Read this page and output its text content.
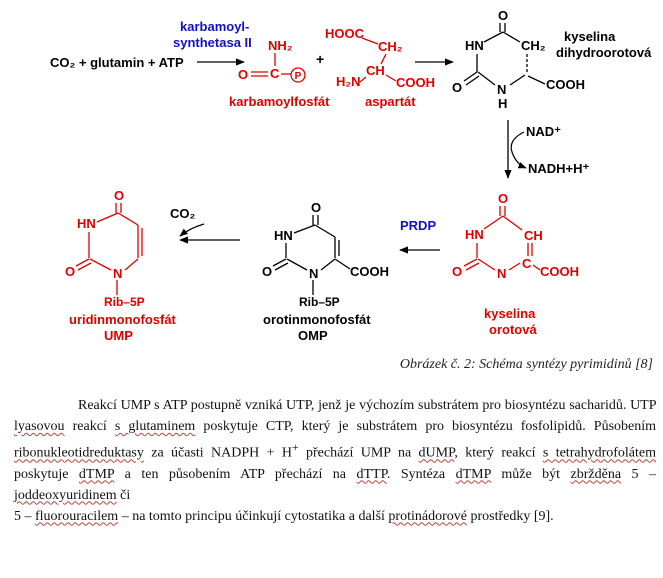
CO₂ + glutamin + ATP
karbamoyl-
synthetasa II NH₂
C
O	P
karbamoylfosfát
+
HOOC
CH₂
CH
H₂N	COOH
aspartát
O
HN	CH₂
O	N
H
COOH
kyselina
dihydroorotová
NAD⁺
NADH+H⁺
O
HN	CH
O	N
C
COOH
kyselina
orotová
PRDP
O
HN
O	N COOH
Rib–5P
orotinmonofosfát
OMP
CO₂
O
HN
O	N
Rib–5P
uridinmonofosfát
UMP
Obrázek č. 2: Schéma syntézy pyrimidinů [8]

Reakcí UMP s ATP postupně vzniká UTP, jenž je výchozím substrátem pro biosyntézu sacharidů. UTP lyasovou reakcí s glutaminem poskytuje CTP, který je substrátem pro biosyntézu fosfolipidů. Působením ribonukleotidreduktasy za účasti NADPH + H+ přechází UMP na dUMP, který reakcí s tetrahydrofolátem poskytuje dTMP a ten působením ATP přechází na dTTP. Syntéza dTMP může být zbržděna 5 – joddeoxyuridinem či
5 – fluorouracilem – na tomto principu účinkují cytostatika a další protinádorové prostředky [9].
